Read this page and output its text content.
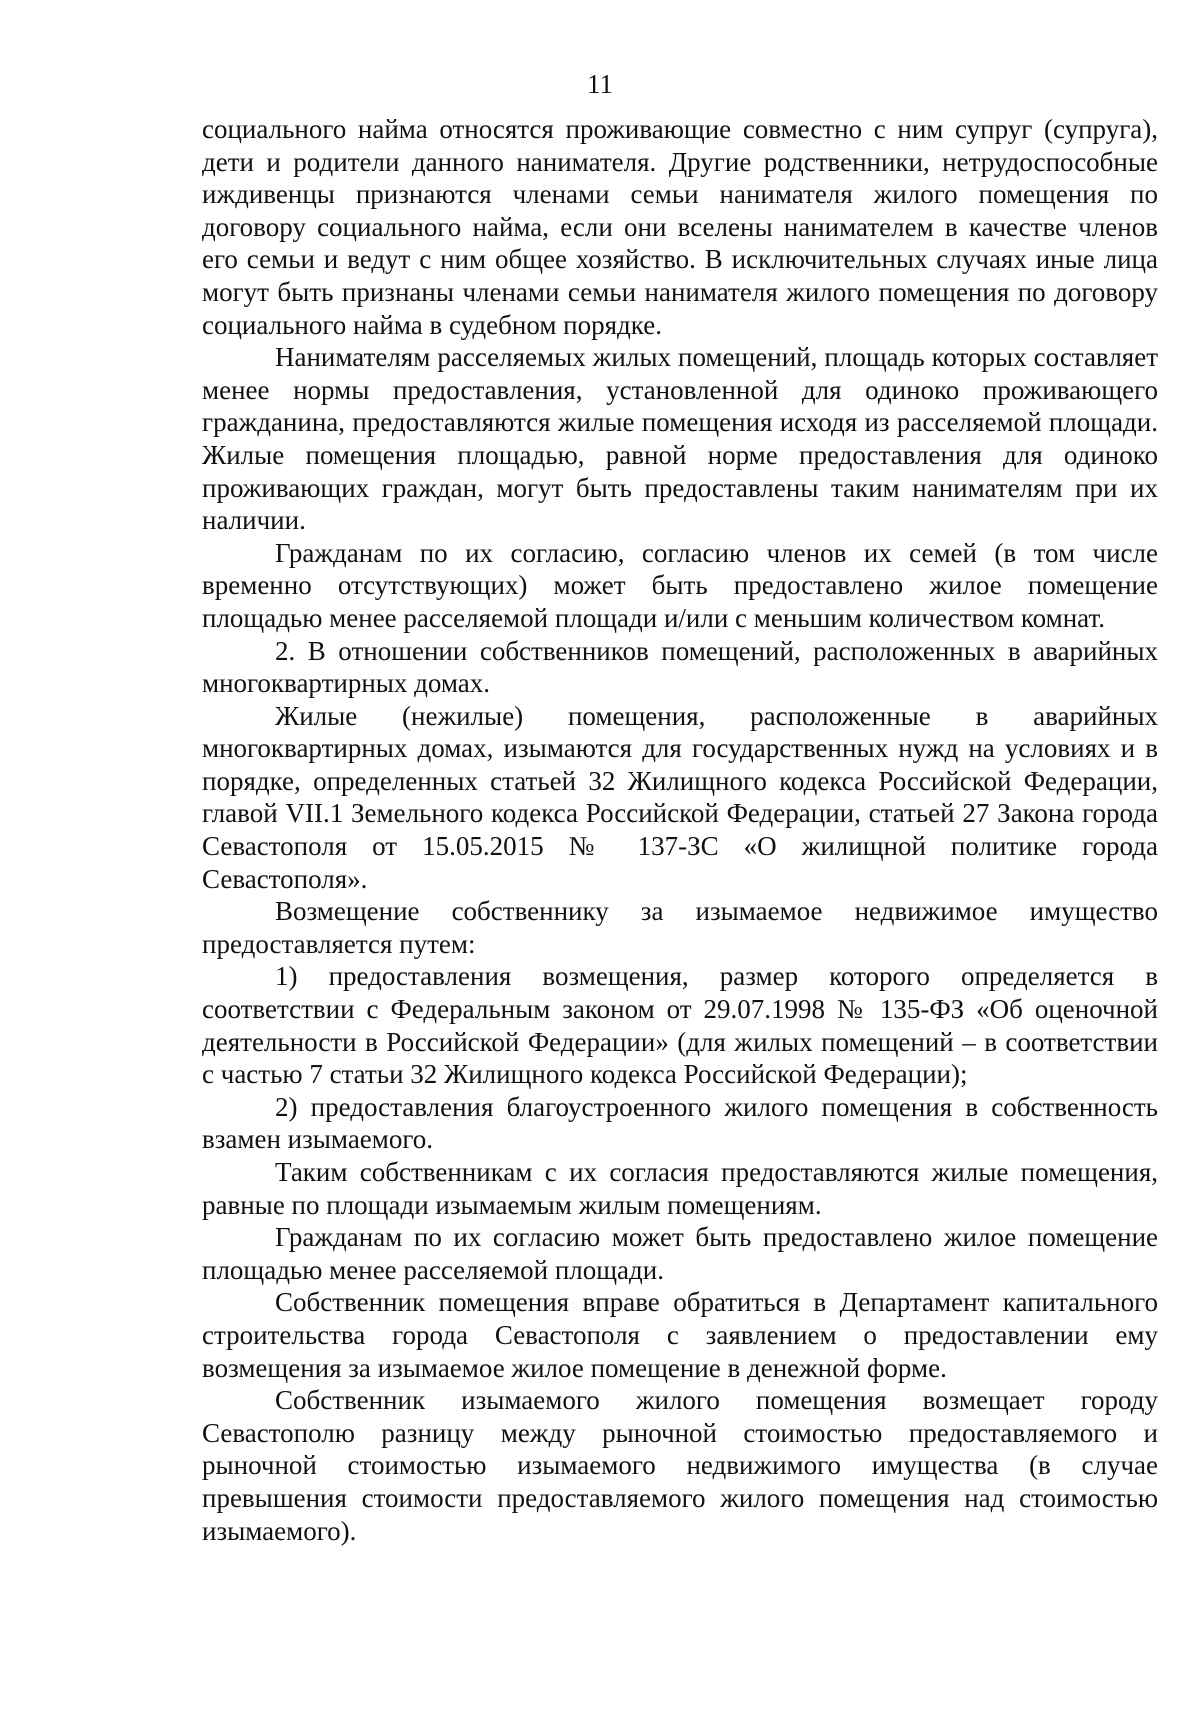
11

социального найма относятся проживающие совместно с ним супруг (супруга), дети и родители данного нанимателя. Другие родственники, нетрудоспособные иждивенцы признаются членами семьи нанимателя жилого помещения по договору социального найма, если они вселены нанимателем в качестве членов его семьи и ведут с ним общее хозяйство. В исключительных случаях иные лица могут быть признаны членами семьи нанимателя жилого помещения по договору социального найма в судебном порядке.

Нанимателям расселяемых жилых помещений, площадь которых составляет менее нормы предоставления, установленной для одиноко проживающего гражданина, предоставляются жилые помещения исходя из расселяемой площади. Жилые помещения площадью, равной норме предоставления для одиноко проживающих граждан, могут быть предоставлены таким нанимателям при их наличии.

Гражданам по их согласию, согласию членов их семей (в том числе временно отсутствующих) может быть предоставлено жилое помещение площадью менее расселяемой площади и/или с меньшим количеством комнат.

2. В отношении собственников помещений, расположенных в аварийных многоквартирных домах.

Жилые (нежилые) помещения, расположенные в аварийных многоквартирных домах, изымаются для государственных нужд на условиях и в порядке, определенных статьей 32 Жилищного кодекса Российской Федерации, главой VII.1 Земельного кодекса Российской Федерации, статьей 27 Закона города Севастополя от 15.05.2015 № 137-ЗС «О жилищной политике города Севастополя».

Возмещение собственнику за изымаемое недвижимое имущество предоставляется путем:

1) предоставления возмещения, размер которого определяется в соответствии с Федеральным законом от 29.07.1998 № 135-ФЗ «Об оценочной деятельности в Российской Федерации» (для жилых помещений – в соответствии с частью 7 статьи 32 Жилищного кодекса Российской Федерации);

2) предоставления благоустроенного жилого помещения в собственность взамен изымаемого.

Таким собственникам с их согласия предоставляются жилые помещения, равные по площади изымаемым жилым помещениям.

Гражданам по их согласию может быть предоставлено жилое помещение площадью менее расселяемой площади.

Собственник помещения вправе обратиться в Департамент капитального строительства города Севастополя с заявлением о предоставлении ему возмещения за изымаемое жилое помещение в денежной форме.

Собственник изымаемого жилого помещения возмещает городу Севастополю разницу между рыночной стоимостью предоставляемого и рыночной стоимостью изымаемого недвижимого имущества (в случае превышения стоимости предоставляемого жилого помещения над стоимостью изымаемого).
